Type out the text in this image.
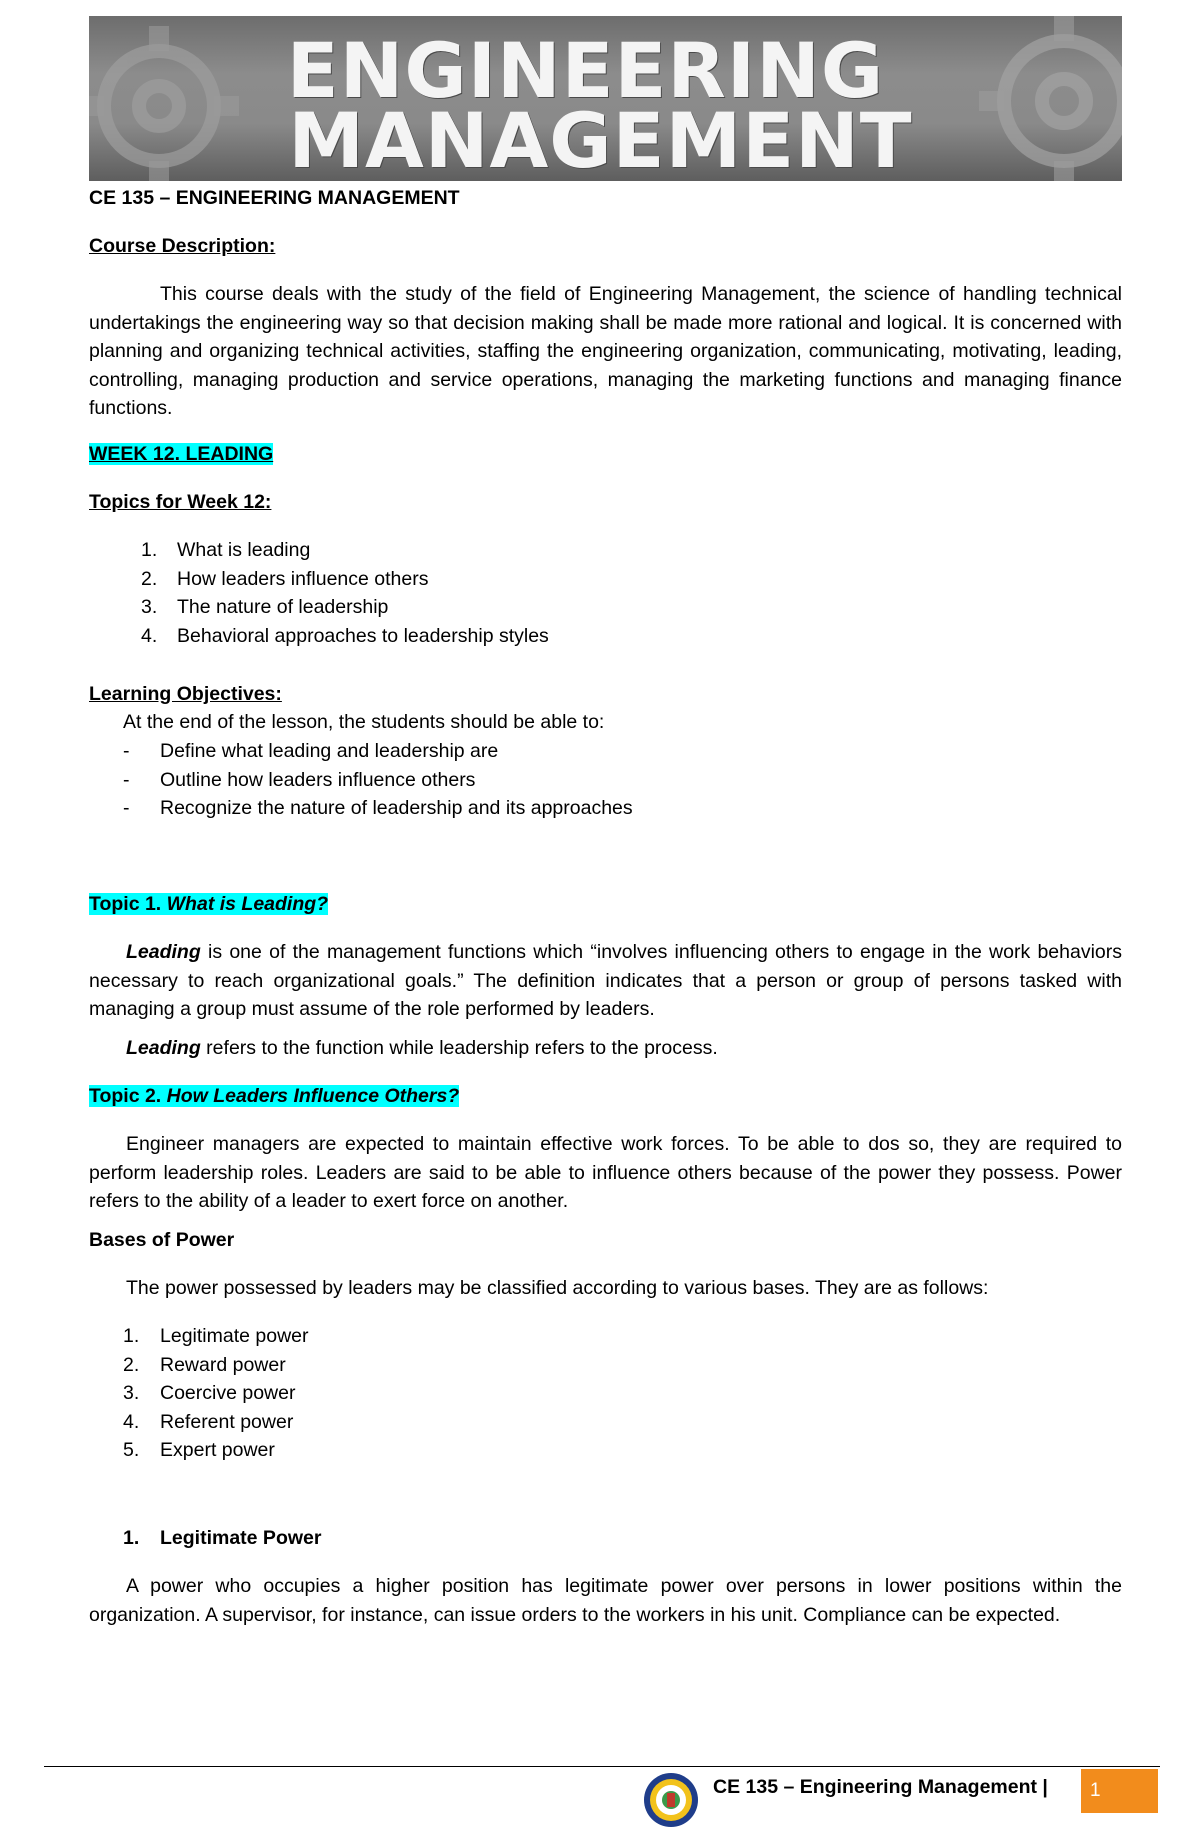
ENGINEERING
MANAGEMENT
CE 135 – ENGINEERING MANAGEMENT
Course Description:
This course deals with the study of the field of Engineering Management, the science of handling technical undertakings the engineering way so that decision making shall be made more rational and logical. It is concerned with planning and organizing technical activities, staffing the engineering organization, communicating, motivating, leading, controlling, managing production and service operations, managing the marketing functions and managing finance functions.
WEEK 12. LEADING
Topics for Week 12:
1. What is leading
2. How leaders influence others
3. The nature of leadership
4. Behavioral approaches to leadership styles
Learning Objectives:
At the end of the lesson, the students should be able to:
- Define what leading and leadership are
- Outline how leaders influence others
- Recognize the nature of leadership and its approaches
Topic 1. What is Leading?
Leading is one of the management functions which “involves influencing others to engage in the work behaviors necessary to reach organizational goals.” The definition indicates that a person or group of persons tasked with managing a group must assume of the role performed by leaders.
Leading refers to the function while leadership refers to the process.
Topic 2. How Leaders Influence Others?
Engineer managers are expected to maintain effective work forces. To be able to dos so, they are required to perform leadership roles. Leaders are said to be able to influence others because of the power they possess. Power refers to the ability of a leader to exert force on another.
Bases of Power
The power possessed by leaders may be classified according to various bases. They are as follows:
1. Legitimate power
2. Reward power
3. Coercive power
4. Referent power
5. Expert power
1. Legitimate Power
A power who occupies a higher position has legitimate power over persons in lower positions within the organization. A supervisor, for instance, can issue orders to the workers in his unit. Compliance can be expected.
CE 135 – Engineering Management |	1
